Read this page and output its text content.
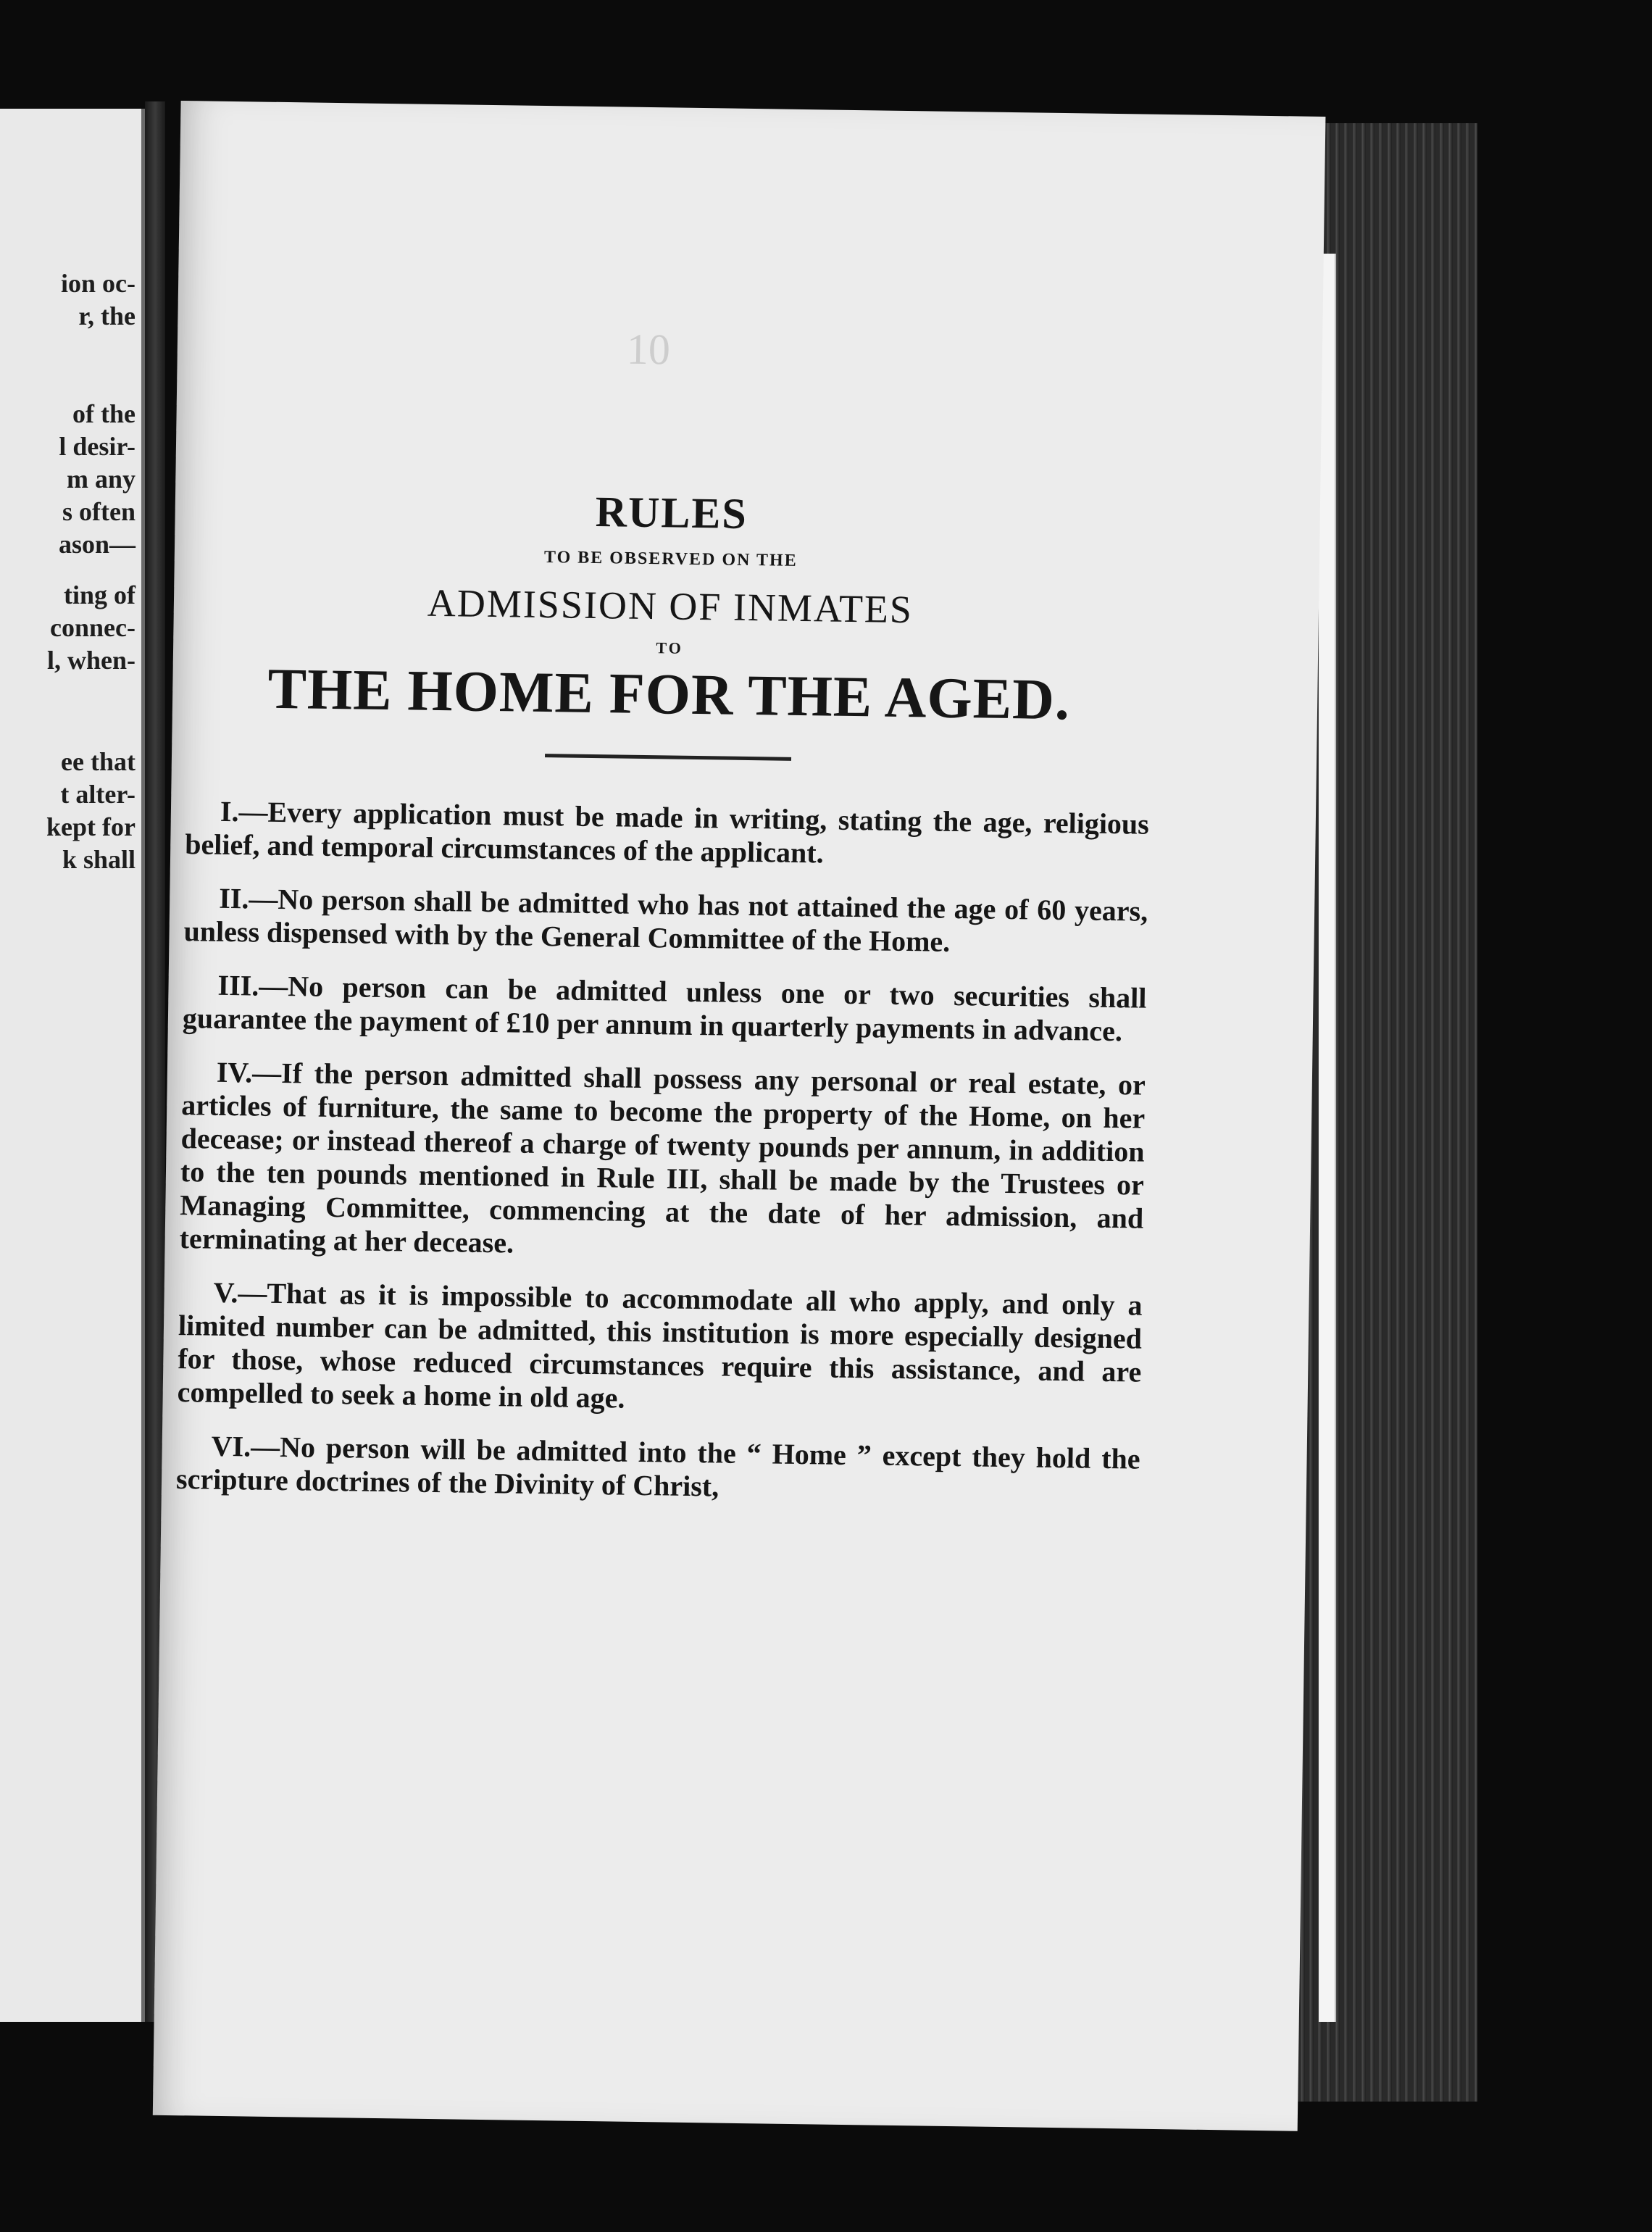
ion oc-
r, the
of the
l desir-
m any
s often
ason—
ting of
connec-
l, when-
ee that
t alter-
kept for
k shall
10
RULES
TO BE OBSERVED ON THE
ADMISSION OF INMATES
TO
THE HOME FOR THE AGED.
I.—Every application must be made in writing, stating the age, religious belief, and temporal circumstances of the applicant.
II.—No person shall be admitted who has not attained the age of 60 years, unless dispensed with by the General Committee of the Home.
III.—No person can be admitted unless one or two securities shall guarantee the payment of £10 per annum in quarterly payments in advance.
IV.—If the person admitted shall possess any personal or real estate, or articles of furniture, the same to become the property of the Home, on her decease; or instead thereof a charge of twenty pounds per annum, in addition to the ten pounds mentioned in Rule III, shall be made by the Trustees or Managing Committee, commencing at the date of her admission, and terminating at her decease.
V.—That as it is impossible to accommodate all who apply, and only a limited number can be admitted, this institution is more especially designed for those, whose reduced circumstances require this assistance, and are compelled to seek a home in old age.
VI.—No person will be admitted into the “ Home ” except they hold the scripture doctrines of the Divinity of Christ,
